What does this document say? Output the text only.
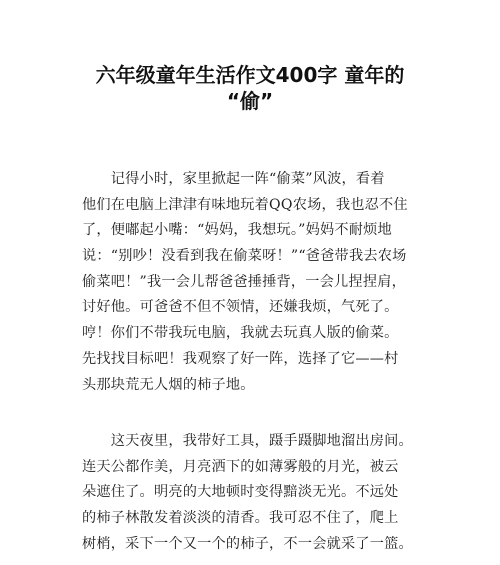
六年级童年生活作文400字 童年的
“偷”
　　记得小时，家里掀起一阵“偷菜”风波，看着
他们在电脑上津津有味地玩着QQ农场，我也忍不住
了，便嘟起小嘴：“妈妈，我想玩。”妈妈不耐烦地
说：“别吵！没看到我在偷菜呀！”“爸爸带我去农场
偷菜吧！”我一会儿帮爸爸捶捶背，一会儿捏捏肩，
讨好他。可爸爸不但不领情，还嫌我烦，气死了。
哼！你们不带我玩电脑，我就去玩真人版的偷菜。
先找找目标吧！我观察了好一阵，选择了它——村
头那块荒无人烟的柿子地。
　　这天夜里，我带好工具，蹑手蹑脚地溜出房间。
连天公都作美，月亮洒下的如薄雾般的月光，被云
朵遮住了。明亮的大地顿时变得黯淡无光。不远处
的柿子林散发着淡淡的清香。我可忍不住了，爬上
树梢，采下一个又一个的柿子，不一会就采了一篮。
